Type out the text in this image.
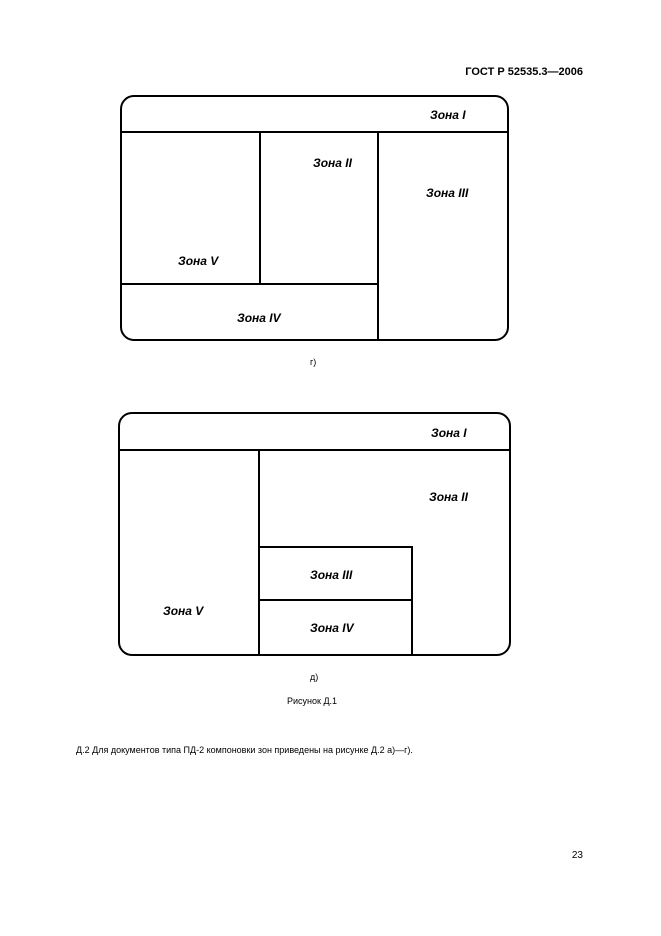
ГОСТ Р 52535.3—2006
Зона I
Зона II
Зона III
Зона V
Зона IV
г)
Зона I
Зона II
Зона III
Зона V
Зона IV
д)
Рисунок Д.1
Д.2 Для документов типа ПД-2 компоновки зон приведены на рисунке Д.2 а)—г).
23
